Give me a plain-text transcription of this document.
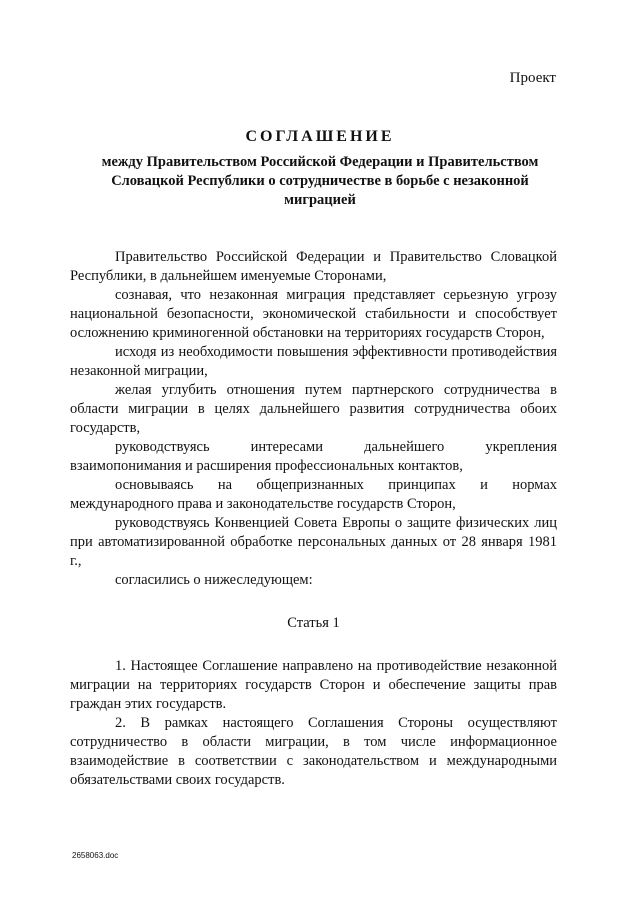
Проект
СОГЛАШЕНИЕ
между Правительством Российской Федерации и Правительством Словацкой Республики о сотрудничестве в борьбе с незаконной миграцией

Правительство Российской Федерации и Правительство Словацкой Республики, в дальнейшем именуемые Сторонами,

сознавая, что незаконная миграция представляет серьезную угрозу национальной безопасности, экономической стабильности и способствует осложнению криминогенной обстановки на территориях государств Сторон,

исходя из необходимости повышения эффективности противодействия незаконной миграции,

желая углубить отношения путем партнерского сотрудничества в области миграции в целях дальнейшего развития сотрудничества обоих государств,

руководствуясь интересами дальнейшего укрепления взаимопонимания и расширения профессиональных контактов,

основываясь на общепризнанных принципах и нормах международного права и законодательстве государств Сторон,

руководствуясь Конвенцией Совета Европы о защите физических лиц при автоматизированной обработке персональных данных от 28 января 1981 г.,

согласились о нижеследующем:

Статья 1

1. Настоящее Соглашение направлено на противодействие незаконной миграции на территориях государств Сторон и обеспечение защиты прав граждан этих государств.

2. В рамках настоящего Соглашения Стороны осуществляют сотрудничество в области миграции, в том числе информационное взаимодействие в соответствии с законодательством и международными обязательствами своих государств.

2658063.doc
